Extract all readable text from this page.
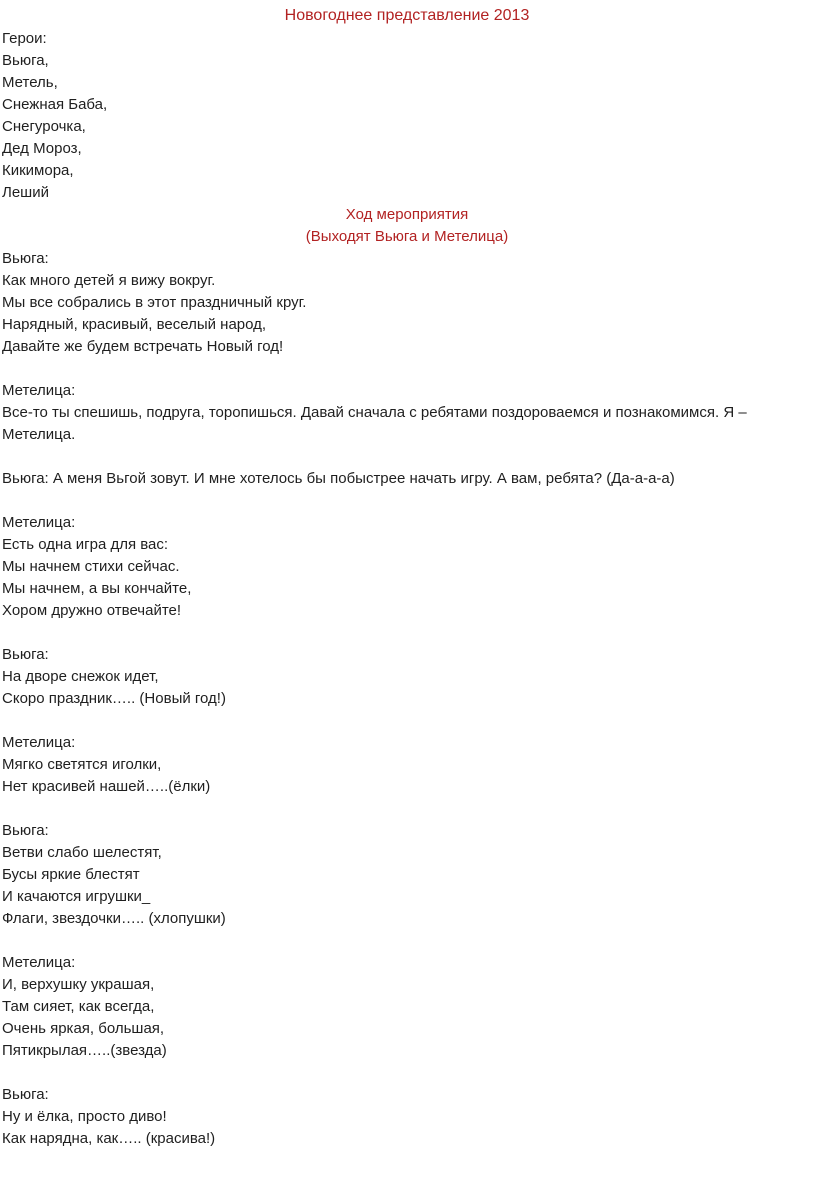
Новогоднее представление 2013

Герои:

Вьюга,

Метель,

Снежная Баба,

Снегурочка,

Дед Мороз,

Кикимора,

Леший

Ход мероприятия

(Выходят Вьюга и Метелица)

Вьюга:

Как много детей я вижу вокруг.

Мы все собрались в этот праздничный круг.

Нарядный, красивый, веселый народ,

Давайте же будем встречать Новый год!

Метелица:

Все-то ты спешишь, подруга, торопишься. Давай сначала с ребятами поздороваемся и познакомимся. Я – Метелица.

Вьюга: А меня Вьгой зовут. И мне хотелось бы побыстрее начать игру. А вам, ребята? (Да-а-а-а)

Метелица:

Есть одна игра для вас:

Мы начнем стихи сейчас.

Мы начнем, а вы кончайте,

Хором дружно отвечайте!

Вьюга:

На дворе снежок идет,

Скоро праздник….. (Новый год!)

Метелица:

Мягко светятся иголки,

Нет красивей нашей…..(ёлки)

Вьюга:

Ветви слабо шелестят,

Бусы яркие блестят

И качаются игрушки_

Флаги, звездочки….. (хлопушки)

Метелица:

И, верхушку украшая,

Там сияет, как всегда,

Очень яркая, большая,

Пятикрылая…..(звезда)

Вьюга:

Ну и ёлка, просто диво!

Как нарядна, как….. (красива!)
